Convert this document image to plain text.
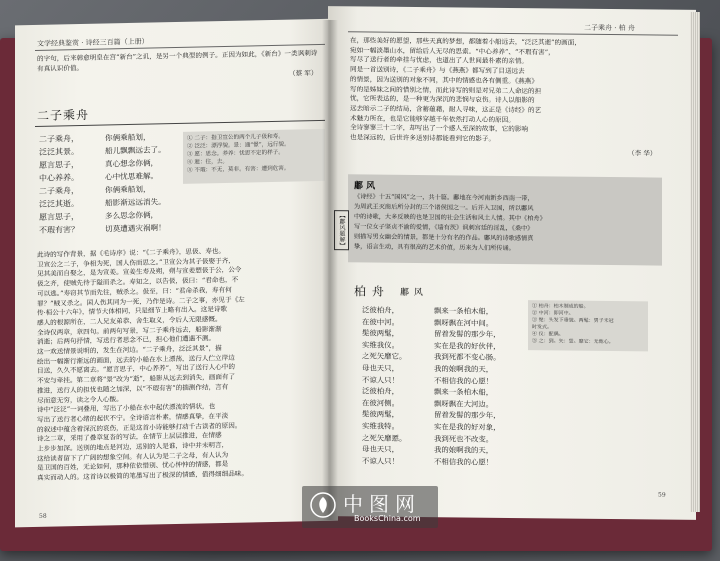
文学经典鉴赏 · 诗经三百篇（上册）
的字句，后来韩愈明皇在宫“新台”之讥，是另一个典型的例子。正因为如此，《新台》一类讽刺诗
有真认识价值。
（蔡 军）
二子乘舟
二子乘舟，
泛泛其景。
愿言思子，
中心养养。
二子乘舟，
泛泛其逝。
愿言思子，
不瑕有害？
你俩乘船划，
船儿飘飘远去了。
真心想念你俩，
心中忧思难解。
你俩乘船划，
船影渐远远消失。
多么思念你俩，
切莫遭遇灾祸啊！
① 二子：指卫宣公的两个儿子伋和寿。
② 泛泛：漂浮貌。景：通“憬”，远行貌。
③ 愿：思念。养养：忧思不定的样子。
④ 逝：往，去。
⑤ 不瑕：不无，莫非。有害：遭到危害。
此诗的写作背景，据《毛诗序》说：“《二子乘舟》，思伋、寿也。
卫宣公之二子，争相为死，国人伤而思之。”卫宣公为其子伋娶于齐，
见其美而自娶之，是为宣姜。宣姜生寿及朔，朔与宣姜愬伋于公，公令
伋之齐，使贼先待于隘而杀之。寿知之，以告伋，伋曰：“君命也，不
可以逃。”寿窃其节而先往，贼杀之。伋至，曰：“君命杀我，寿有何
罪？”贼又杀之。国人伤其同为一死，乃作是诗。二子之事，亦见于《左
传·桓公十六年》，情节大体相同，只是细节上略有出入。这是诗歌
感人的根源所在，二人兄友弟恭、舍生取义，令后人无限感慨。
全诗仅两章，章四句。前两句写景，写二子乘舟远去，船影渐渐
消逝；后两句抒情，写送行者思念不已，担心他们遭遇不测。
这一欢送情景说明的，发生在河边。“二子乘舟，泛泛其景”，描
绘出一幅渐行渐远的画面，远去的小船在水上漂荡，送行人伫立岸边
目送，久久不愿离去。“愿言思子，中心养养”，写出了送行人心中的
不安与牵挂。第二章将“景”改为“逝”，船影从远去到消失，画面有了
推进，送行人的担忧也随之加深，以“不瑕有害”的揣测作结，言有
尽而意无穷，读之令人心酸。
诗中“泛泛”一词叠用，写出了小船在水中起伏漂流的情状，也
写出了送行者心绪的起伏不宁。全诗语言朴素，情感真挚，在平淡
的叙述中蕴含着深沉的哀伤，正是这首小诗能够打动千古读者的原因。
诗之二章，采用了叠章复沓的写法，在情节上层层推进，在情感
上步步加深。送别的地点是河边，送别的人是谁，诗中并未明言，
这给读者留下了广阔的想象空间。有人认为是二子之母，有人认为
是卫国的百姓，无论如何，那种依依惜别、忧心忡忡的情感，都是
真实而动人的。这首诗以极简的笔墨写出了极深的情感，值得细细品味。
58
二子乘舟 · 柏 舟
在，那些美好的愿望，那些天真的梦想，都随着小船远去，“泛泛其逝”的画面，
宛如一幅淡墨山水，留给后人无尽的思索。“中心养养”、“不瑕有害”，
写尽了送行者的牵挂与忧虑，也道出了人世间最朴素的亲情。
同是一首送别诗，《二子乘舟》与《燕燕》都写到了目送远去
的情景，因为送别的对象不同，其中的情感也各有侧重。《燕燕》
写的是姊妹之间的惜别之情，而此诗写的则是对兄弟二人命运的担
忧，它所表达的，是一种更为深沉的悲悯与哀伤。诗人以船影的
远去暗示二子的结局，含蓄蕴藉，耐人寻味，这正是《诗经》的艺
术魅力所在，也是它能够穿越千年依然打动人心的原因。
全诗寥寥三十二字，却写出了一个感人至深的故事，它的影响
也是深远的，后世许多送别诗都能看到它的影子。
（李 华）
鄘 风
【鄘风题解】
《诗经》十五“国风”之一，共十篇。鄘地在今河南新乡西南一带，
为周武王灭商后所分封的三个诸侯国之一。后并入卫国，所以鄘风
中的诗歌，大多反映的也是卫国的社会生活和风土人情。其中《柏舟》
写一位女子坚贞不渝的爱情，《墙有茨》讽刺宫廷的淫乱，《桑中》
则描写男女幽会的情景，都是十分有名的作品。鄘风的诗歌感情真
挚，语言生动，具有很高的艺术价值，历来为人们所传诵。
柏 舟 鄘 风
泛彼柏舟，
在彼中河。
髧彼两髦，
实维我仪。
之死矢靡它。
母也天只，
不谅人只！
泛彼柏舟，
在彼河侧。
髧彼两髦，
实维我特。
之死矢靡慝。
母也天只，
不谅人只！
飘来一条柏木船，
飘呀飘在河中间。
留着发髻的那少年，
实在是我的好伙伴，
我到死都不变心肠。
我的娘啊我的天，
不相信我的心愿！
飘来一条柏木船，
飘呀飘在大河边。
留着发髻的那少年，
实在是我的好对象，
我到死也不改变。
我的娘啊我的天，
不相信我的心愿！
① 柏舟：柏木制成的船。
② 中河：即河中。
③ 髧：头发下垂貌。两髦：男子未冠
时发式。
④ 仪：配偶。
⑤ 之：到。矢：誓。靡它：无他心。
59
中图网
BooksChina.com
